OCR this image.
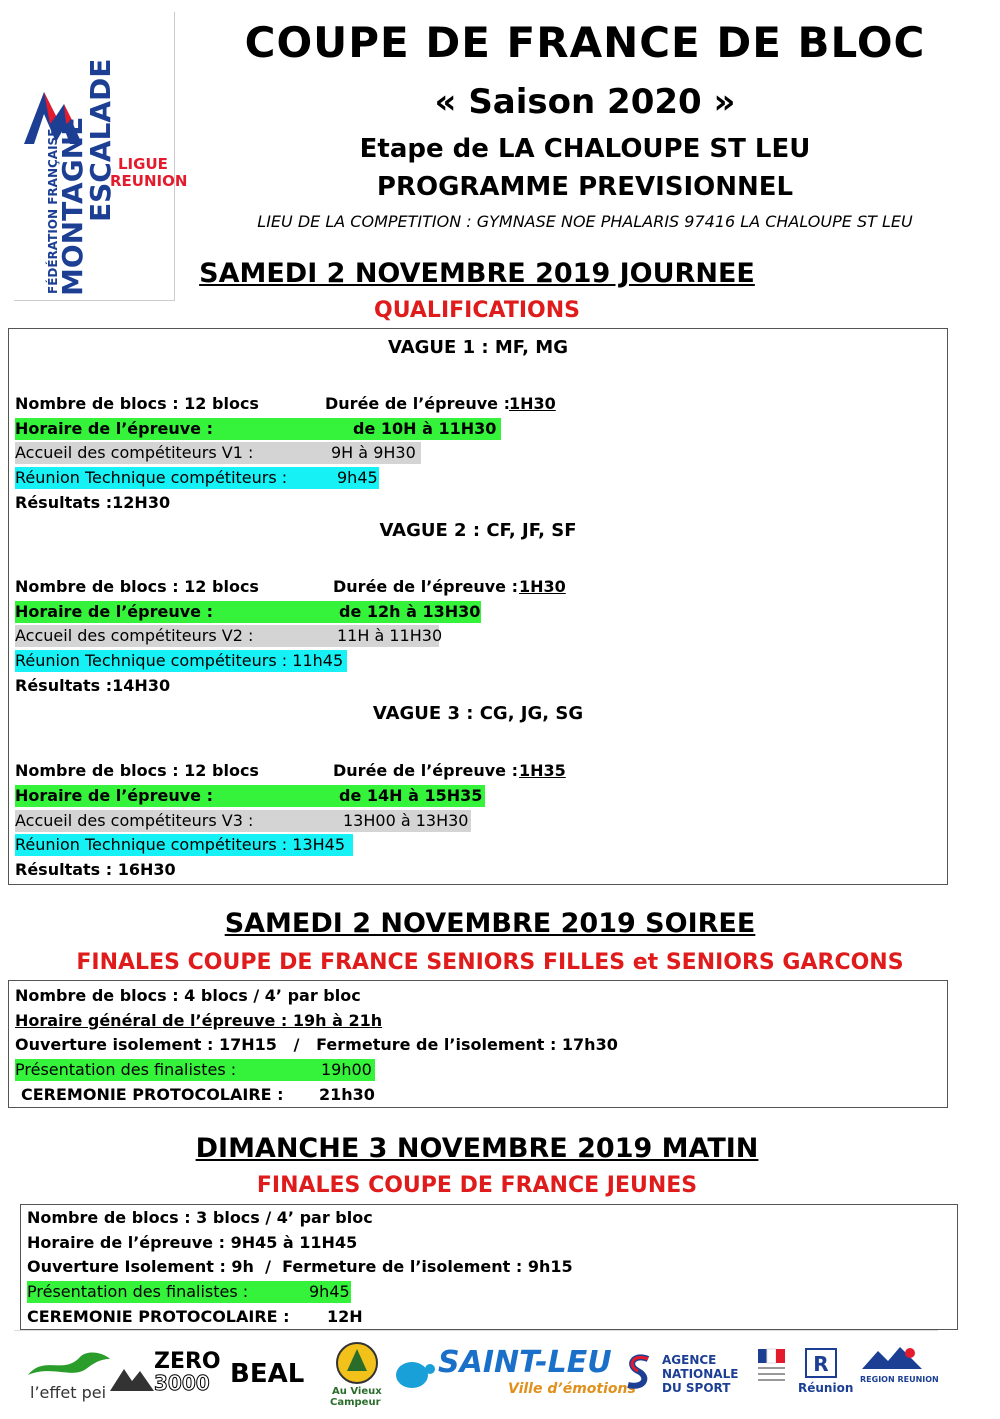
FÉDÉRATION FRANÇAISE
MONTAGNE
ESCALADE LIGUE
REUNION
COUPE DE FRANCE DE BLOC
« Saison 2020 »
Etape de LA CHALOUPE ST LEU
PROGRAMME PREVISIONNEL
LIEU DE LA COMPETITION : GYMNASE NOE PHALARIS 97416 LA CHALOUPE ST LEU
SAMEDI 2 NOVEMBRE 2019 JOURNEE
QUALIFICATIONS
VAGUE 1 : MF, MG
Nombre de blocs : 12 blocs	Durée de l’épreuve : 1H30
Horaire de l’épreuve :	de 10H à 11H30
Accueil des compétiteurs V1 :	9H à 9H30
Réunion Technique compétiteurs :	9h45
Résultats :12H30
VAGUE 2 : CF, JF, SF
Nombre de blocs : 12 blocs	Durée de l’épreuve : 1H30
Horaire de l’épreuve :	de 12h à 13H30
Accueil des compétiteurs V2 :	11H à 11H30
Réunion Technique compétiteurs : 11h45
Résultats :14H30
VAGUE 3 : CG, JG, SG
Nombre de blocs : 12 blocs	Durée de l’épreuve : 1H35
Horaire de l’épreuve :	de 14H à 15H35
Accueil des compétiteurs V3 :	13H00 à 13H30
Réunion Technique compétiteurs : 13H45
Résultats : 16H30
SAMEDI 2 NOVEMBRE 2019 SOIREE
FINALES COUPE DE FRANCE SENIORS FILLES et SENIORS GARCONS
Nombre de blocs : 4 blocs / 4’ par bloc
Horaire général de l’épreuve : 19h à 21h
Ouverture isolement : 17H15   /   Fermeture de l’isolement : 17h30
Présentation des finalistes :	19h00
CEREMONIE PROTOCOLAIRE : 21h30
DIMANCHE 3 NOVEMBRE 2019 MATIN
FINALES COUPE DE FRANCE JEUNES
Nombre de blocs : 3 blocs / 4’ par bloc
Horaire de l’épreuve : 9H45 à 11H45
Ouverture Isolement : 9h  /  Fermeture de l’isolement : 9h15
Présentation des finalistes :	9h45
CEREMONIE PROTOCOLAIRE : 12H
l’effet pei
ZERO
3000 BEAL
Au Vieux
Campeur
SAINT-LEU
Ville d’émotions
AGENCE
NATIONALE
DU SPORT
R
Réunion
REGION REUNION
